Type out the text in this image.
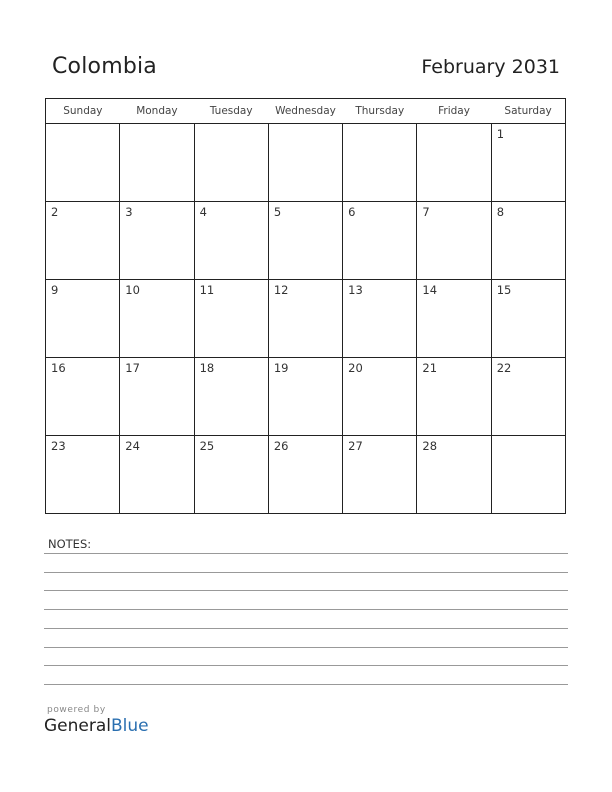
Colombia	February 2031
Sunday	Monday	Tuesday	Wednesday	Thursday	Friday	Saturday

						1

2	3	4	5	6	7	8

9	10	11	12	13	14	15

16	17	18	19	20	21	22

23	24	25	26	27	28	

NOTES:
powered by
GeneralBlue
